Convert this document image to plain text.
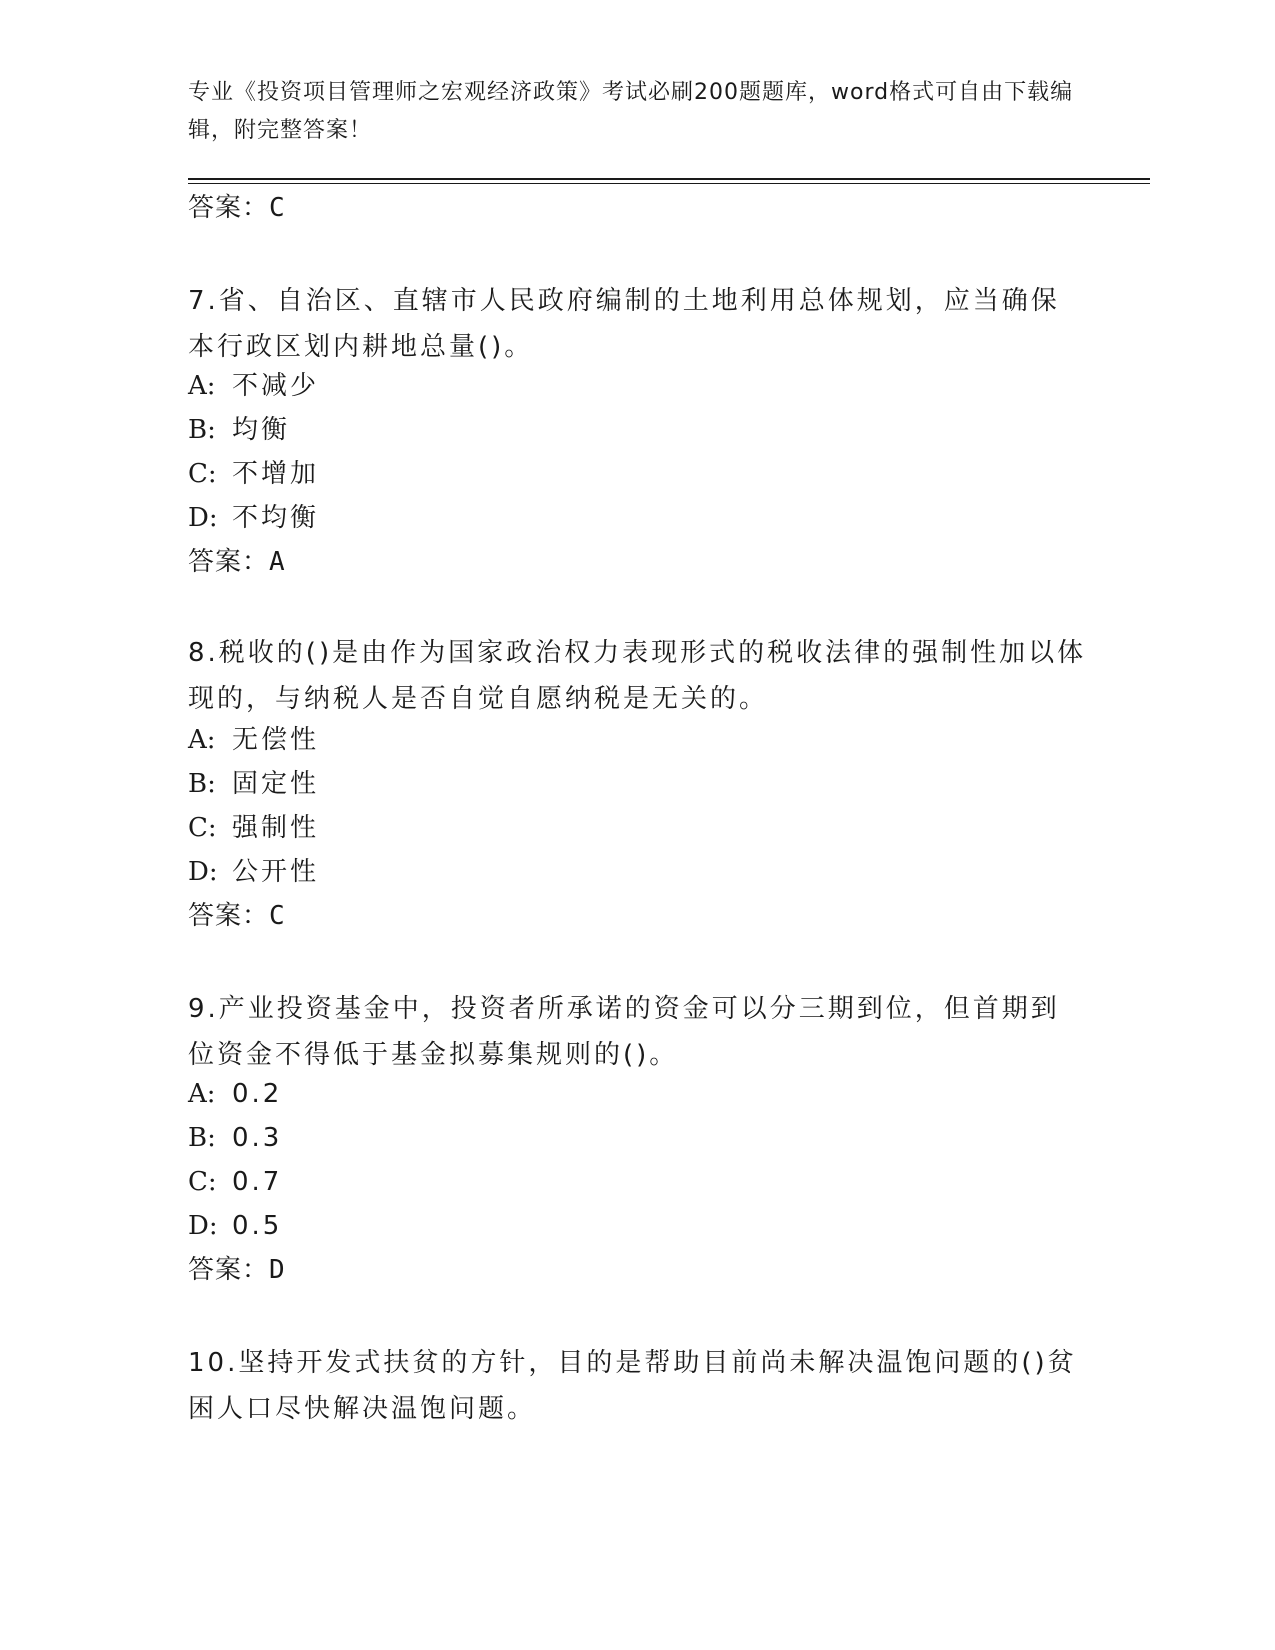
专业《投资项目管理师之宏观经济政策》考试必刷200题题库，word格式可自由下载编辑，附完整答案！
答案：C
7.省、自治区、直辖市人民政府编制的土地利用总体规划，应当确保本行政区划内耕地总量()。
A: 不减少
B: 均衡
C: 不增加
D: 不均衡
答案：A
8.税收的()是由作为国家政治权力表现形式的税收法律的强制性加以体现的，与纳税人是否自觉自愿纳税是无关的。
A: 无偿性
B: 固定性
C: 强制性
D: 公开性
答案：C
9.产业投资基金中，投资者所承诺的资金可以分三期到位，但首期到位资金不得低于基金拟募集规则的()。
A: 0.2
B: 0.3
C: 0.7
D: 0.5
答案：D
10.坚持开发式扶贫的方针，目的是帮助目前尚未解决温饱问题的()贫困人口尽快解决温饱问题。
